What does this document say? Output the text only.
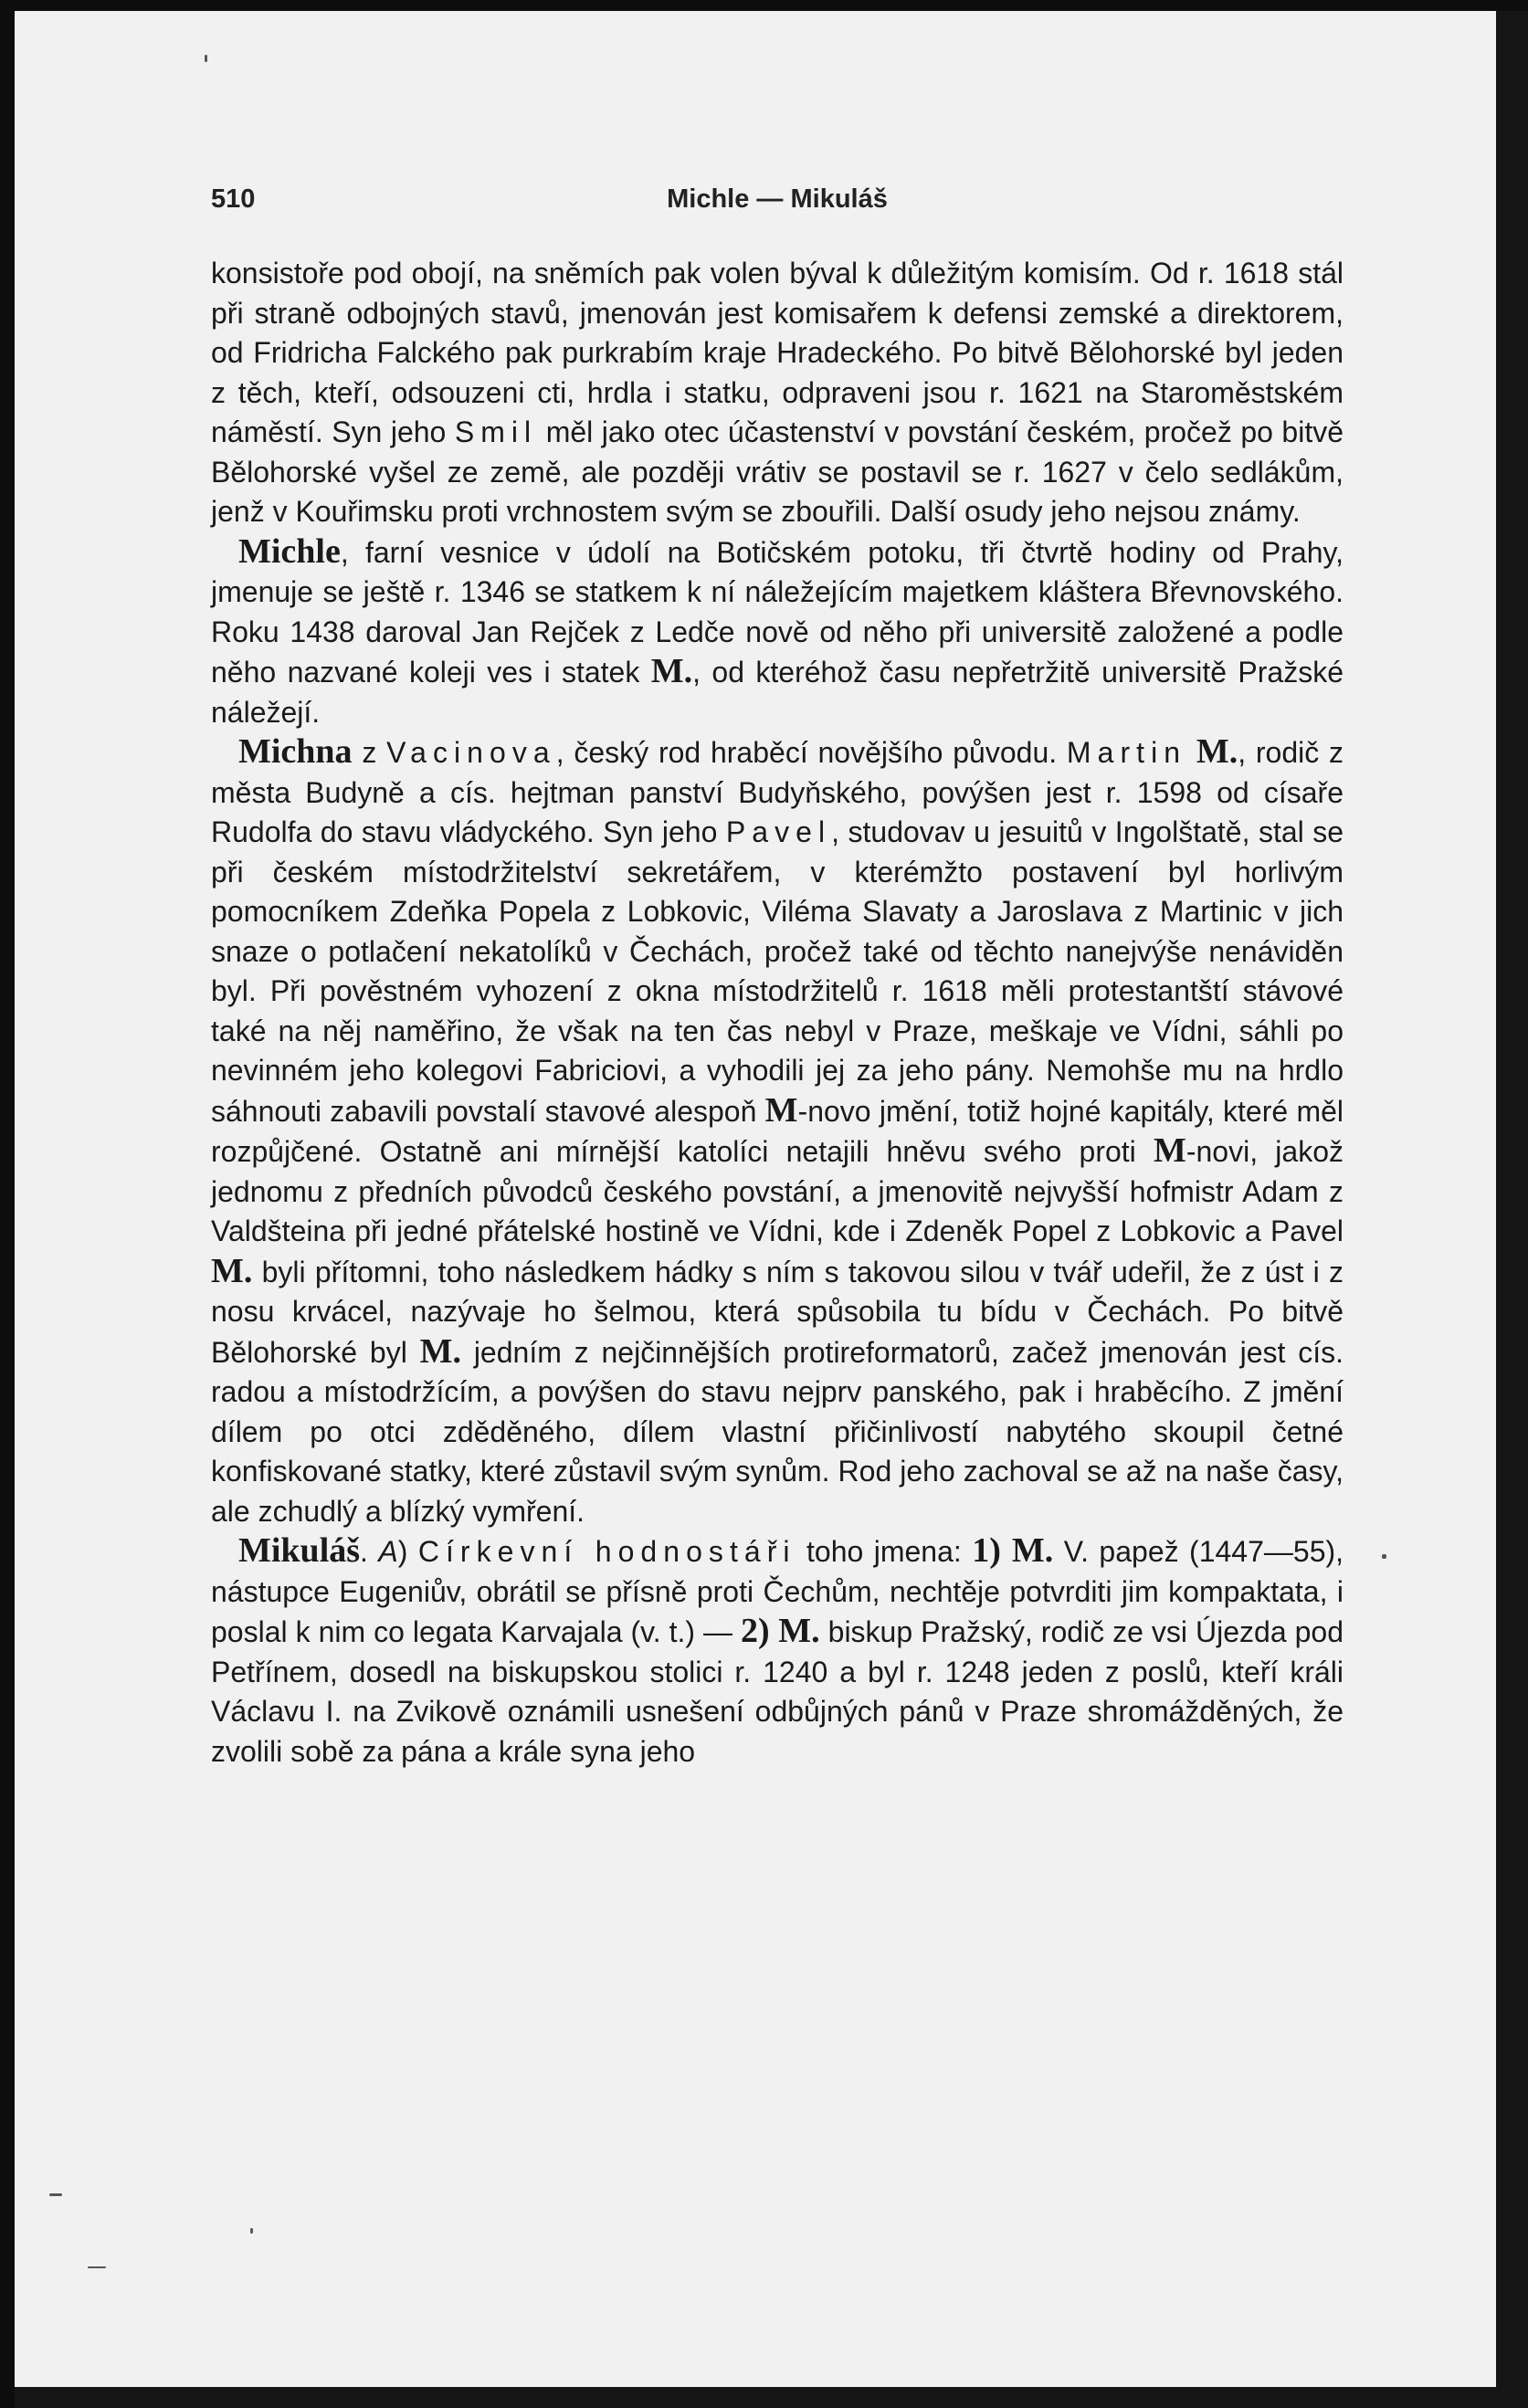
510	Michle — Mikuláš

konsistoře pod obojí, na sněmích pak volen býval k důležitým komisím. Od r. 1618 stál při straně odbojných stavů, jmenován jest komisařem k defensi zemské a direktorem, od Fridricha Falckého pak purkrabím kraje Hradeckého. Po bitvě Bělohorské byl jeden z těch, kteří, odsouzeni cti, hrdla i statku, odpraveni jsou r. 1621 na Staroměstském náměstí. Syn jeho Smil měl jako otec účastenství v povstání českém, pročež po bitvě Bělohorské vyšel ze země, ale později vrátiv se postavil se r. 1627 v čelo sedlákům, jenž v Kouřimsku proti vrchnostem svým se zbouřili. Další osudy jeho nejsou známy.

Michle, farní vesnice v údolí na Botičském potoku, tři čtvrtě hodiny od Prahy, jmenuje se ještě r. 1346 se statkem k ní náležejícím majetkem kláštera Břevnovského. Roku 1438 daroval Jan Rejček z Ledče nově od něho při universitě založené a podle něho nazvané koleji ves i statek M., od kteréhož času nepřetržitě universitě Pražské náležejí.

Michna z Vacinova, český rod hraběcí novějšího původu. Martin M., rodič z města Budyně a cís. hejtman panství Budyňského, povýšen jest r. 1598 od císaře Rudolfa do stavu vládyckého. Syn jeho Pavel, studovav u jesuitů v Ingolštatě, stal se při českém místodržitelství sekretářem, v kterémžto postavení byl horlivým pomocníkem Zdeňka Popela z Lobkovic, Viléma Slavaty a Jaroslava z Martinic v jich snaze o potlačení nekatolíků v Čechách, pročež také od těchto nanejvýše nenáviděn byl. Při pověstném vyhození z okna místodržitelů r. 1618 měli protestantští stávové také na něj naměřino, že však na ten čas nebyl v Praze, meškaje ve Vídni, sáhli po nevinném jeho kolegovi Fabriciovi, a vyhodili jej za jeho pány. Nemohše mu na hrdlo sáhnouti zabavili povstalí stavové alespoň M-novo jmění, totiž hojné kapitály, které měl rozpůjčené. Ostatně ani mírnější katolíci netajili hněvu svého proti M-novi, jakož jednomu z předních původců českého povstání, a jmenovitě nejvyšší hofmistr Adam z Valdšteina při jedné přátelské hostině ve Vídni, kde i Zdeněk Popel z Lobkovic a Pavel M. byli přítomni, toho následkem hádky s ním s takovou silou v tvář udeřil, že z úst i z nosu krvácel, nazývaje ho šelmou, která spůsobila tu bídu v Čechách. Po bitvě Bělohorské byl M. jedním z nejčinnějších protireformatorů, začež jmenován jest cís. radou a místodržícím, a povýšen do stavu nejprv panského, pak i hraběcího. Z jmění dílem po otci zděděného, dílem vlastní přičinlivostí nabytého skoupil četné konfiskované statky, které zůstavil svým synům. Rod jeho zachoval se až na naše časy, ale zchudlý a blízký vymření.

Mikuláš. A) Církevní hodnostáři toho jmena: 1) M. V. papež (1447—55), nástupce Eugeniův, obrátil se přísně proti Čechům, nechtěje potvrditi jim kompaktata, i poslal k nim co legata Karvajala (v. t.) — 2) M. biskup Pražský, rodič ze vsi Újezda pod Petřínem, dosedl na biskupskou stolici r. 1240 a byl r. 1248 jeden z poslů, kteří králi Václavu I. na Zvikově oznámili usnešení odbůjných pánů v Praze shromážděných, že zvolili sobě za pána a krále syna jeho
